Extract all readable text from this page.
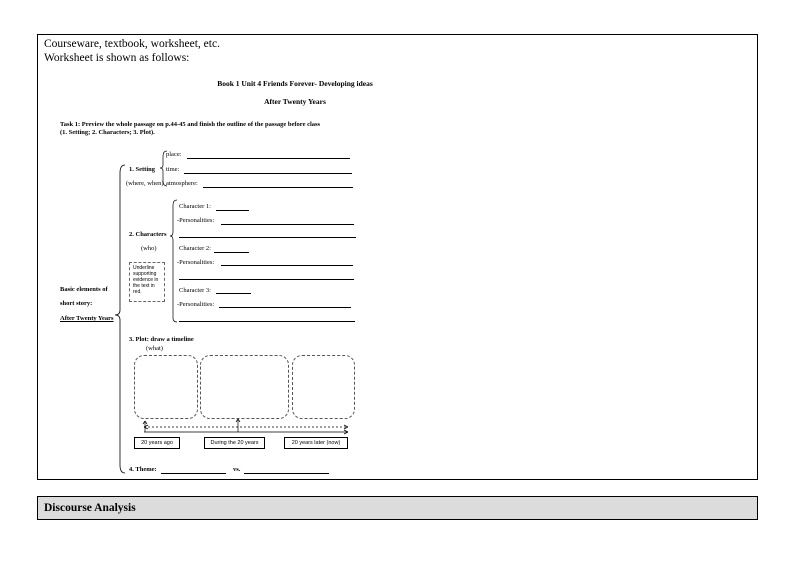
Courseware, textbook, worksheet, etc.
Worksheet is shown as follows:
Book 1 Unit 4 Friends Forever- Developing ideas
After Twenty Years
Task 1: Preview the whole passage on p.44-45 and finish the outline of the passage before class
(1. Setting; 2. Characters; 3. Plot).
Basic elements of
short story:
After Twenty Years
1. Setting
(where, when)
place:
time:
atmosphere:
2. Characters
(who)
Character 1:
-Personalities:
Character 2:
-Personalities:
Character 3:
-Personalities:
Underline supporting evidence in the text in red.
3. Plot: draw a timeline
(what)
20 years ago	During the 20 years	20 years later (now)
4. Theme:	vs.
Discourse Analysis
